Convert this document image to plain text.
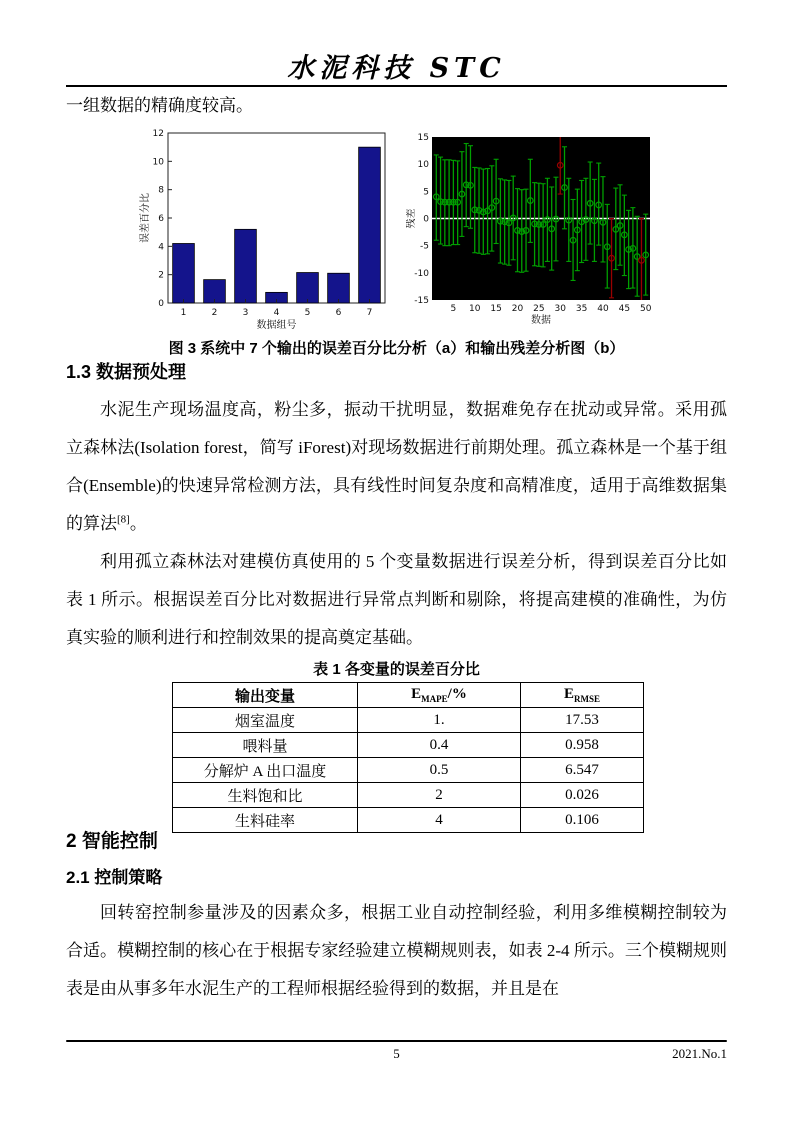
水泥科技 STC
一组数据的精确度较高。
0
2
4
6
8
10
12
1	2	3	4	5	6	7
数据组号
误差百分比
-15
-10
-5
0
5
10
15
5 10 15 20 25 30 35 40 45 50
数据
残差
图 3 系统中 7 个输出的误差百分比分析（a）和输出残差分析图（b）
1.3 数据预处理

水泥生产现场温度高，粉尘多，振动干扰明显，数据难免存在扰动或异常。采用孤立森林法(Isolation forest，简写 iForest)对现场数据进行前期处理。孤立森林是一个基于组合(Ensemble)的快速异常检测方法，具有线性时间复杂度和高精准度，适用于高维数据集的算法[8]。

利用孤立森林法对建模仿真使用的 5 个变量数据进行误差分析，得到误差百分比如表 1 所示。根据误差百分比对数据进行异常点判断和剔除，将提高建模的准确性，为仿真实验的顺利进行和控制效果的提高奠定基础。

表 1 各变量的误差百分比
输出变量	$E_{MAPE}/\%$	$E_{RMSE}$
烟室温度	1.	17.53
喂料量	0.4	0.958
分解炉 A 出口温度	0.5	6.547
生料饱和比	2	0.026
生料硅率	4	0.106
2 智能控制
2.1 控制策略

回转窑控制参量涉及的因素众多，根据工业自动控制经验，利用多维模糊控制较为合适。模糊控制的核心在于根据专家经验建立模糊规则表，如表 2-4 所示。三个模糊规则表是由从事多年水泥生产的工程师根据经验得到的数据，并且是在

5	2021.No.1
